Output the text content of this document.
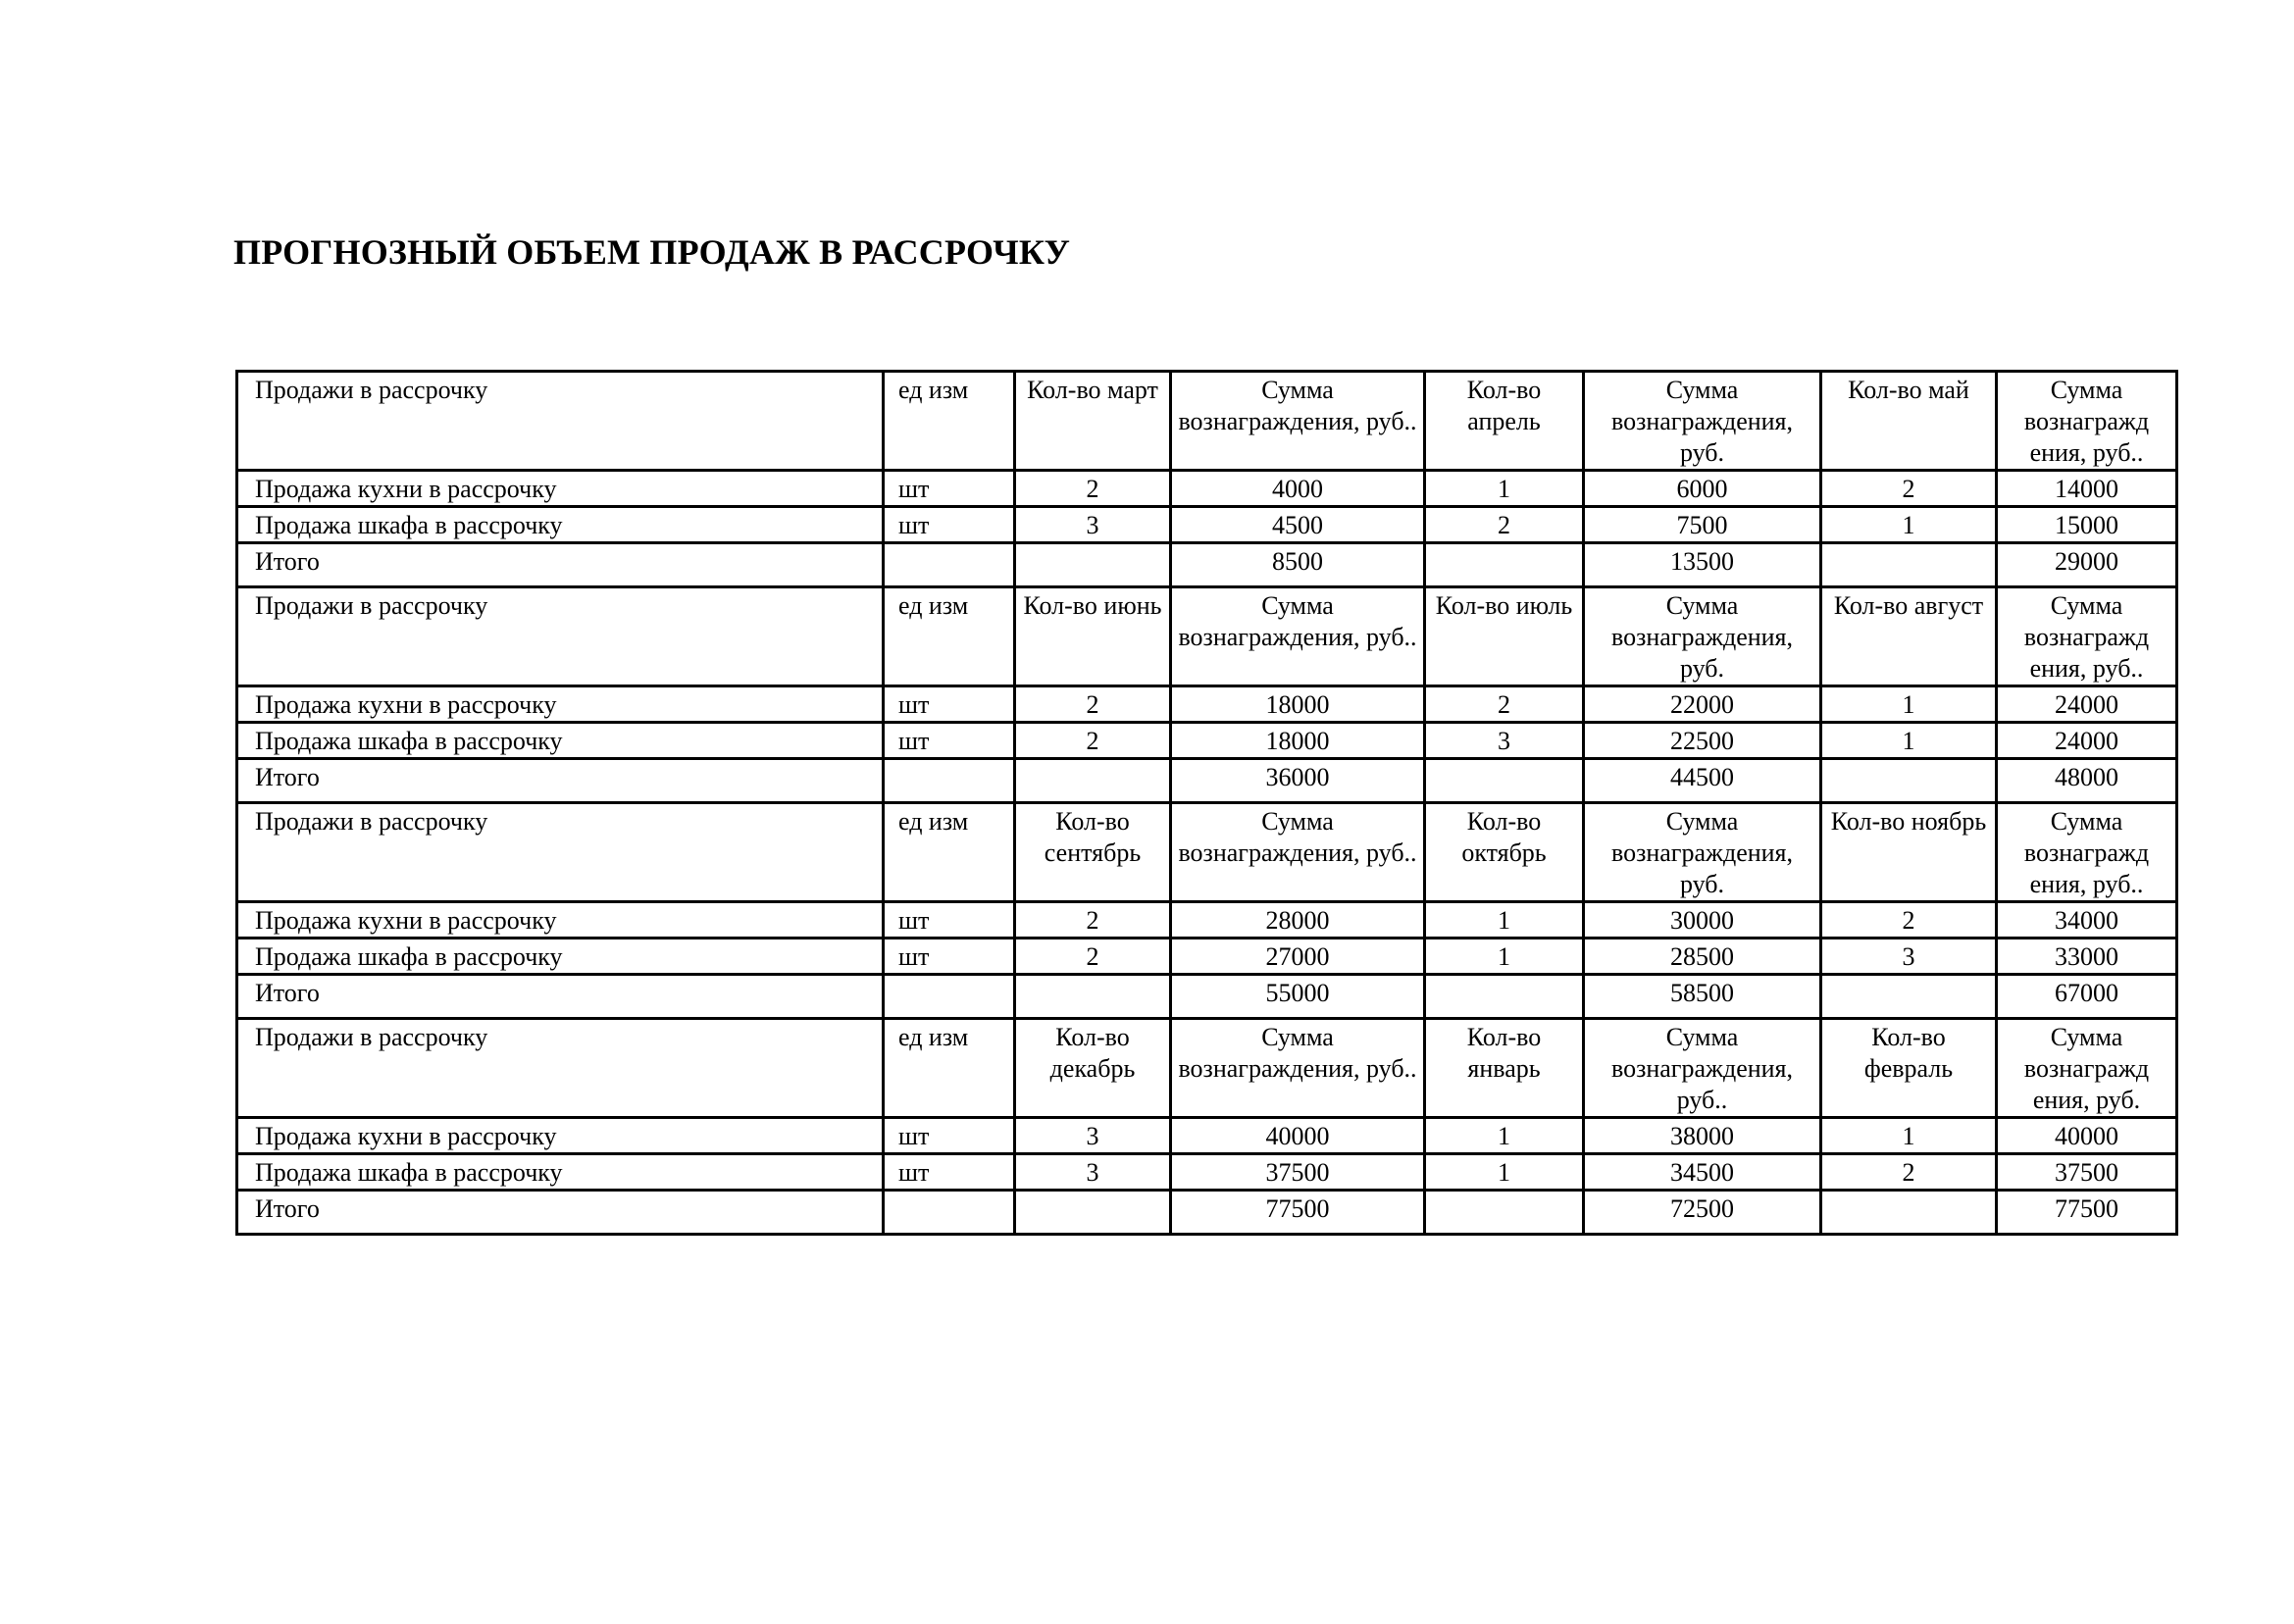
ПРОГНОЗНЫЙ ОБЪЕМ ПРОДАЖ В РАССРОЧКУ
Продажи в рассрочку	ед изм	Кол-во март	Сумма вознаграждения, руб..	Кол-во апрель	Сумма вознаграждения, руб.	Кол-во май	Сумма вознагражд ения, руб..
Продажа кухни в рассрочку	шт	2	4000	1	6000	2	14000
Продажа шкафа в рассрочку	шт	3	4500	2	7500	1	15000
Итого			8500		13500		29000
Продажи в рассрочку	ед изм	Кол-во июнь	Сумма вознаграждения, руб..	Кол-во июль	Сумма вознаграждения, руб.	Кол-во август	Сумма вознагражд ения, руб..
Продажа кухни в рассрочку	шт	2	18000	2	22000	1	24000
Продажа шкафа в рассрочку	шт	2	18000	3	22500	1	24000
Итого			36000		44500		48000
Продажи в рассрочку	ед изм	Кол-во сентябрь	Сумма вознаграждения, руб..	Кол-во октябрь	Сумма вознаграждения, руб.	Кол-во ноябрь	Сумма вознагражд ения, руб..
Продажа кухни в рассрочку	шт	2	28000	1	30000	2	34000
Продажа шкафа в рассрочку	шт	2	27000	1	28500	3	33000
Итого			55000		58500		67000
Продажи в рассрочку	ед изм	Кол-во декабрь	Сумма вознаграждения, руб..	Кол-во январь	Сумма вознаграждения, руб..	Кол-во февраль	Сумма вознагражд ения, руб.
Продажа кухни в рассрочку	шт	3	40000	1	38000	1	40000
Продажа шкафа в рассрочку	шт	3	37500	1	34500	2	37500
Итого			77500		72500		77500
